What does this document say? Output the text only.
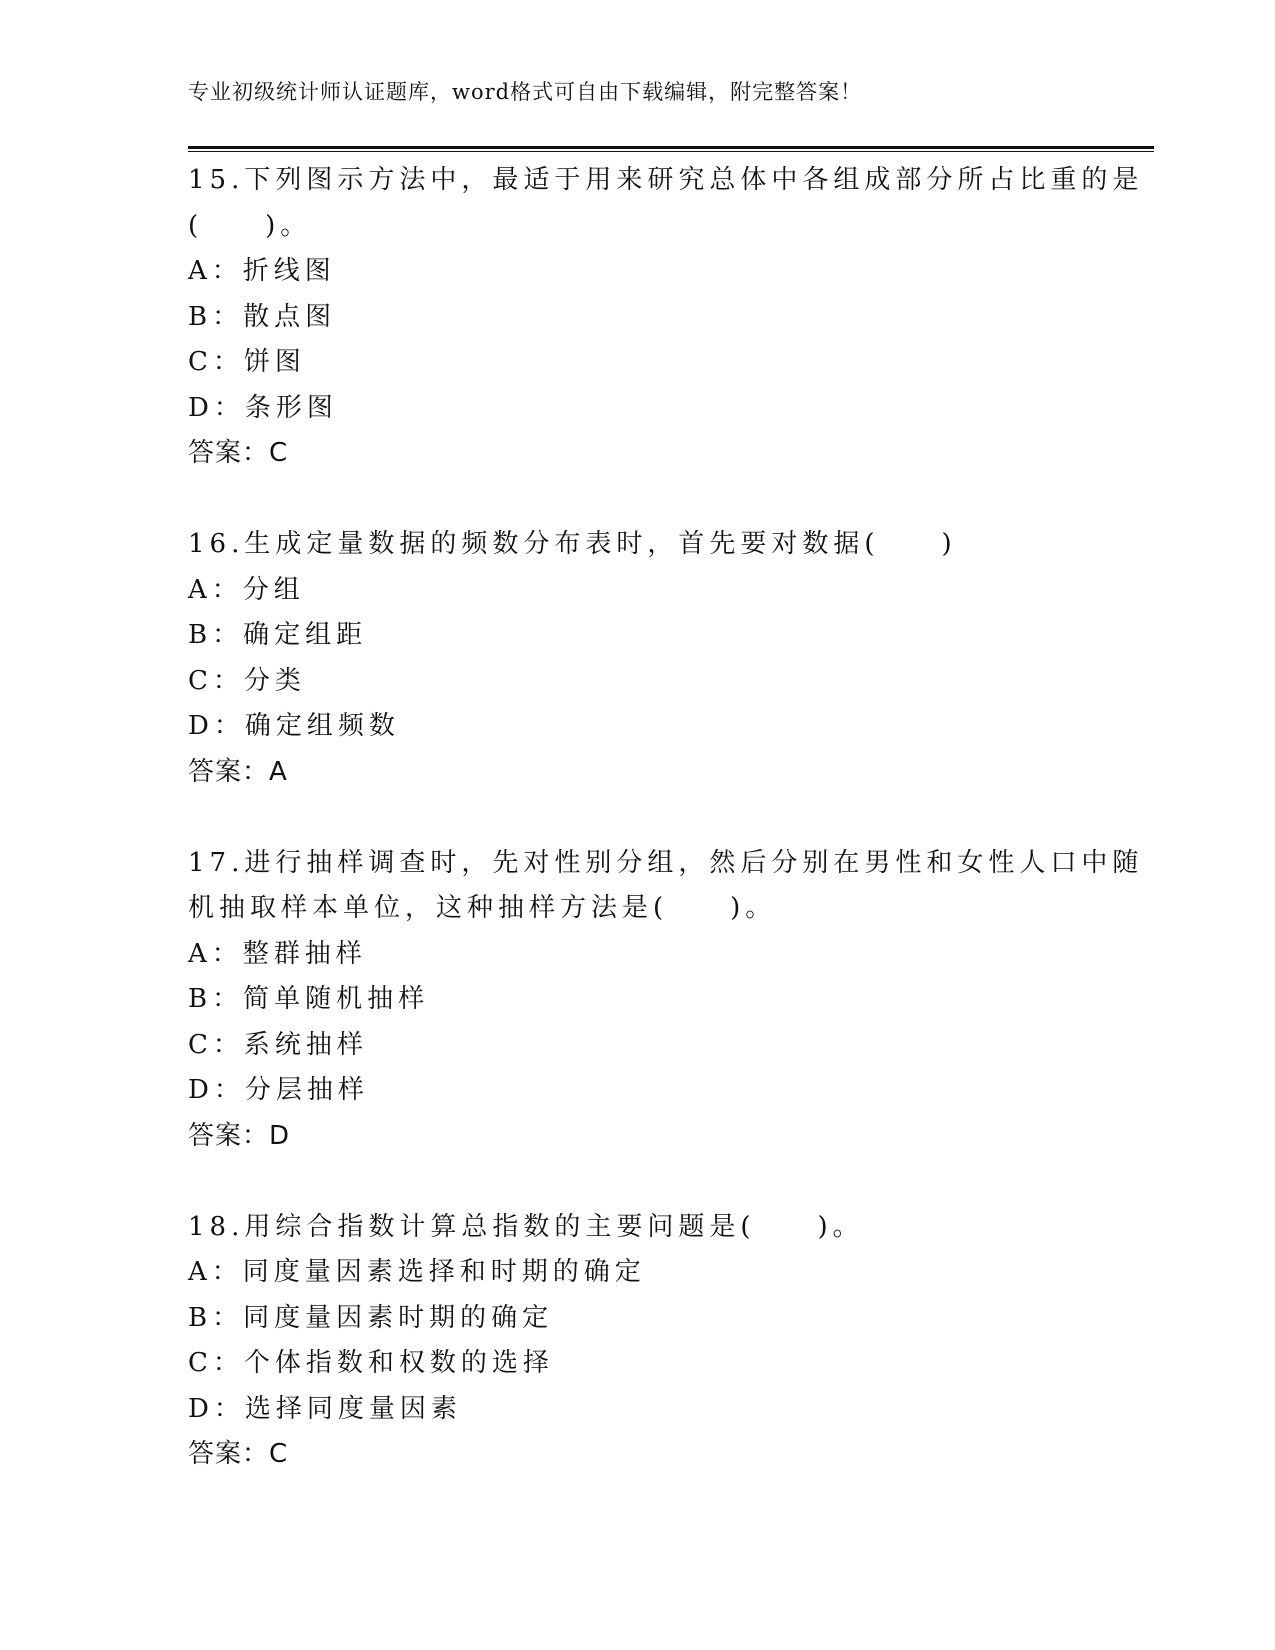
专业初级统计师认证题库，word格式可自由下载编辑，附完整答案！
15.下列图示方法中，最适于用来研究总体中各组成部分所占比重的是
(　　)。
A：折线图
B：散点图
C：饼图
D：条形图
答案：C
16.生成定量数据的频数分布表时，首先要对数据(　　)
A：分组
B：确定组距
C：分类
D：确定组频数
答案：A
17.进行抽样调查时，先对性别分组，然后分别在男性和女性人口中随
机抽取样本单位，这种抽样方法是(　　)。
A：整群抽样
B：简单随机抽样
C：系统抽样
D：分层抽样
答案：D
18.用综合指数计算总指数的主要问题是(　　)。
A：同度量因素选择和时期的确定
B：同度量因素时期的确定
C：个体指数和权数的选择
D：选择同度量因素
答案：C
